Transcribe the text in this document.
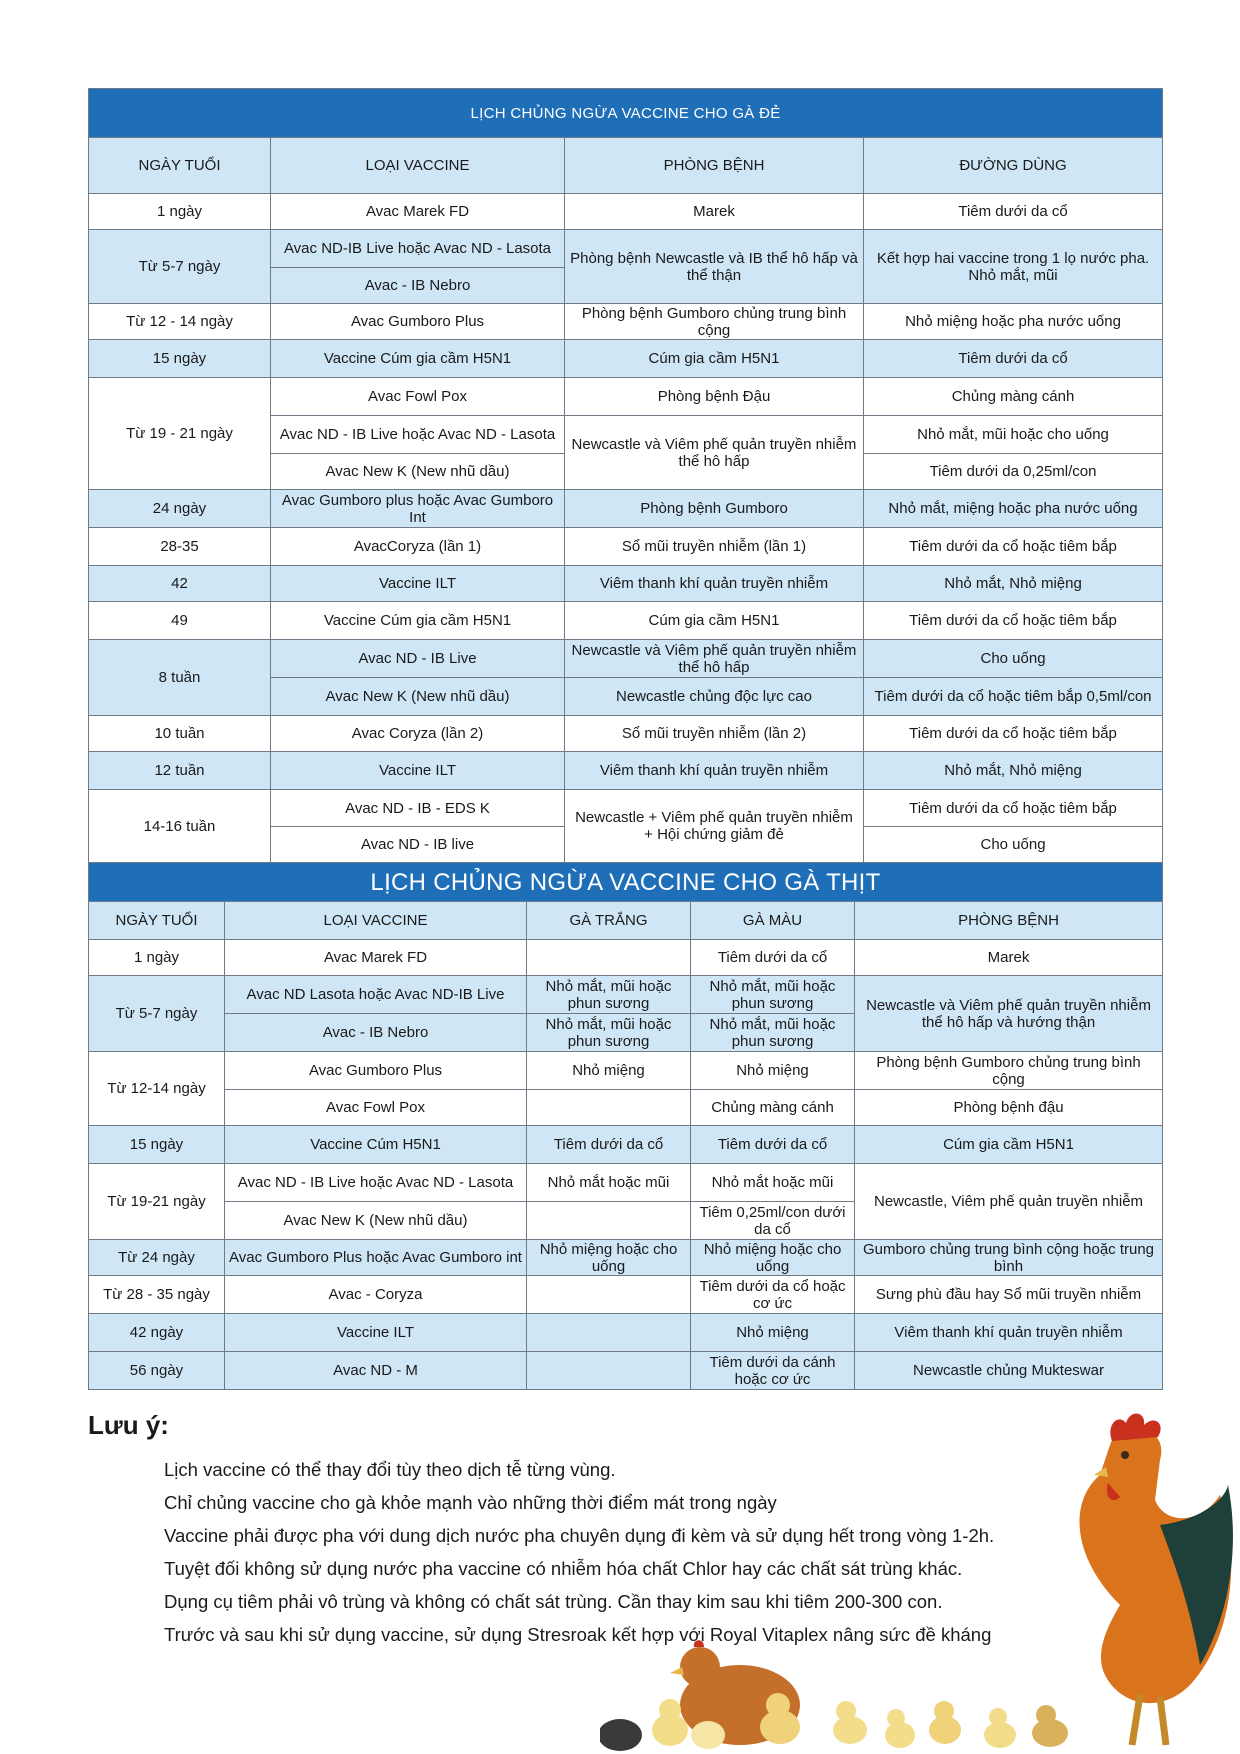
LỊCH CHỦNG NGỪA VACCINE CHO GÀ ĐẺ			
NGÀY TUỔI	LOẠI VACCINE	PHÒNG BỆNH	ĐƯỜNG DÙNG
1 ngày	Avac Marek FD	Marek	Tiêm dưới da cổ
Từ 5-7 ngày	Avac ND-IB Live hoặc Avac ND - Lasota	Phòng bệnh Newcastle và IB thể hô hấp và thể thận	Kết hợp hai vaccine trong 1 lọ nước pha. Nhỏ mắt, mũi
	Avac - IB Nebro		
Từ 12 - 14 ngày	Avac Gumboro Plus	Phòng bệnh Gumboro chủng trung bình cộng	Nhỏ miệng hoặc pha nước uống
15 ngày	Vaccine Cúm gia cầm H5N1	Cúm gia cầm H5N1	Tiêm dưới da cổ
Từ 19 - 21 ngày	Avac Fowl Pox	Phòng bệnh Đậu	Chủng màng cánh
	Avac ND - IB Live hoặc Avac ND - Lasota	Newcastle và Viêm phế quản truyền nhiễm thể hô hấp	Nhỏ mắt, mũi hoặc cho uống
	Avac New K (New nhũ dầu)		Tiêm dưới da 0,25ml/con
24 ngày	Avac Gumboro plus hoặc Avac Gumboro Int	Phòng bệnh Gumboro	Nhỏ mắt, miệng hoặc pha nước uống
28-35	AvacCoryza (lần 1)	Sổ mũi truyền nhiễm (lần 1)	Tiêm dưới da cổ hoặc tiêm bắp
42	Vaccine ILT	Viêm thanh khí quản truyền nhiễm	Nhỏ mắt, Nhỏ miệng
49	Vaccine Cúm gia cầm H5N1	Cúm gia cầm H5N1	Tiêm dưới da cổ hoặc tiêm bắp
8 tuần	Avac ND - IB Live	Newcastle và Viêm phế quản truyền nhiễm thể hô hấp	Cho uống
	Avac New K (New nhũ dầu)	Newcastle chủng độc lực cao	Tiêm dưới da cổ hoặc tiêm bắp 0,5ml/con
10 tuần	Avac Coryza (lần 2)	Sổ mũi truyền nhiễm (lần 2)	Tiêm dưới da cổ hoặc tiêm bắp
12 tuần	Vaccine ILT	Viêm thanh khí quản truyền nhiễm	Nhỏ mắt, Nhỏ miệng
14-16 tuần	Avac ND - IB - EDS K	Newcastle + Viêm phế quản truyền nhiễm + Hội chứng giảm đẻ	Tiêm dưới da cổ hoặc tiêm bắp
	Avac ND - IB live		Cho uống
LỊCH CHỦNG NGỪA VACCINE CHO GÀ THỊT				
NGÀY TUỔI	LOẠI VACCINE	GÀ TRẮNG	GÀ MÀU	PHÒNG BỆNH
1 ngày	Avac Marek FD		Tiêm dưới da cổ	Marek
Từ 5-7 ngày	Avac ND Lasota hoặc Avac ND-IB Live	Nhỏ mắt, mũi hoặc phun sương	Nhỏ mắt, mũi hoặc phun sương	Newcastle và Viêm phế quản truyền nhiễm thể hô hấp và hướng thận
	Avac - IB Nebro	Nhỏ mắt, mũi hoặc phun sương	Nhỏ mắt, mũi hoặc phun sương	
Từ 12-14 ngày	Avac Gumboro Plus	Nhỏ miệng	Nhỏ miệng	Phòng bệnh Gumboro chủng trung bình cộng
	Avac Fowl Pox		Chủng màng cánh	Phòng bệnh đậu
15 ngày	Vaccine Cúm H5N1	Tiêm dưới da cổ	Tiêm dưới da cổ	Cúm gia cầm H5N1
Từ 19-21 ngày	Avac ND - IB Live hoặc Avac ND - Lasota	Nhỏ mắt hoặc mũi	Nhỏ mắt hoặc mũi	Newcastle, Viêm phế quản truyền nhiễm
	Avac New K (New nhũ dầu)		Tiêm 0,25ml/con dưới da cổ	
Từ 24 ngày	Avac Gumboro Plus hoặc Avac Gumboro int	Nhỏ miệng hoặc cho uống	Nhỏ miệng hoặc cho uống	Gumboro chủng trung bình cộng hoặc trung bình
Từ 28 - 35 ngày	Avac - Coryza		Tiêm dưới da cổ hoặc cơ ức	Sưng phù đầu hay Sổ mũi truyền nhiễm
42 ngày	Vaccine ILT		Nhỏ miệng	Viêm thanh khí quản truyền nhiễm
56 ngày	Avac ND - M		Tiêm dưới da cánh hoặc cơ ức	Newcastle chủng Mukteswar
Lưu ý:
Lịch vaccine có thể thay đổi tùy theo dịch tễ từng vùng.
Chỉ chủng vaccine cho gà khỏe mạnh vào những thời điểm mát trong ngày
Vaccine phải được pha với dung dịch nước pha chuyên dụng đi kèm và sử dụng hết trong vòng 1-2h.
Tuyệt đối không sử dụng nước pha vaccine có nhiễm hóa chất Chlor hay các chất sát trùng khác.
Dụng cụ tiêm phải vô trùng và không có chất sát trùng. Cần thay kim sau khi tiêm 200-300 con.
Trước và sau khi sử dụng vaccine, sử dụng Stresroak kết hợp với Royal Vitaplex nâng sức đề kháng
